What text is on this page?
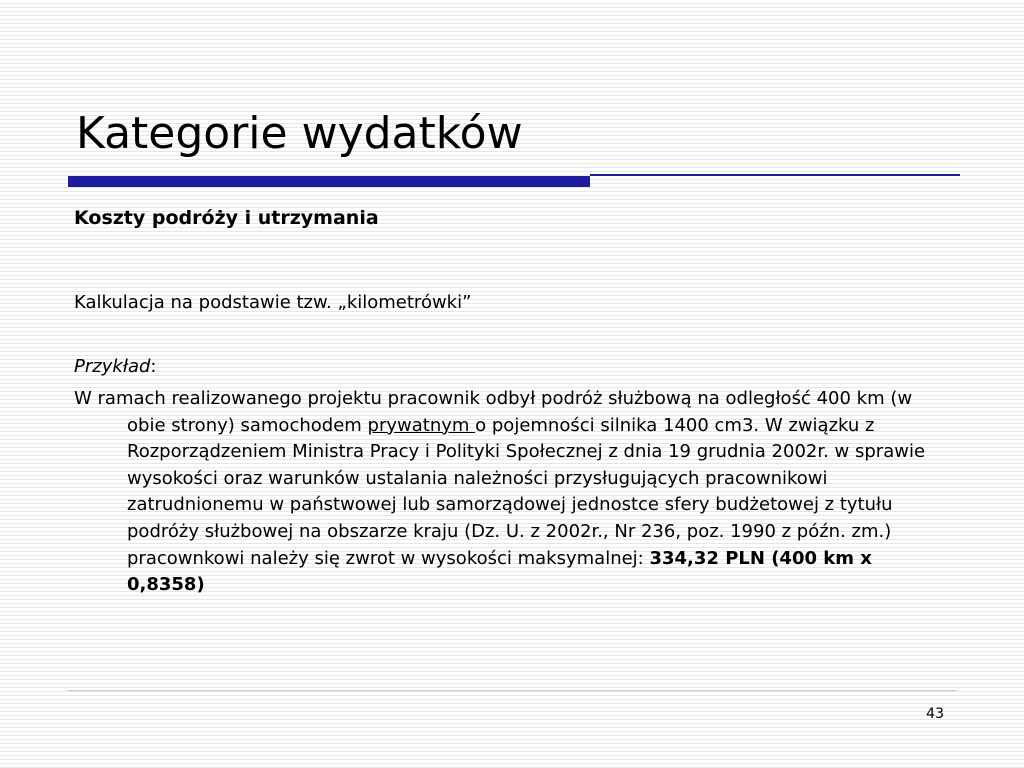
Kategorie wydatków
Koszty podróży i utrzymania
Kalkulacja na podstawie tzw. „kilometrówki”
Przykład:

W ramach realizowanego projektu pracownik odbył podróż służbową na odległość 400 km (w obie strony) samochodem prywatnym o pojemności silnika 1400 cm3. W związku z Rozporządzeniem Ministra Pracy i Polityki Społecznej z dnia 19 grudnia 2002r. w sprawie wysokości oraz warunków ustalania należności przysługujących pracownikowi zatrudnionemu w państwowej lub samorządowej jednostce sfery budżetowej z tytułu podróży służbowej na obszarze kraju (Dz. U. z 2002r., Nr 236, poz. 1990 z późn. zm.) pracownkowi należy się zwrot w wysokości maksymalnej: 334,32 PLN (400 km x 0,8358)

43
